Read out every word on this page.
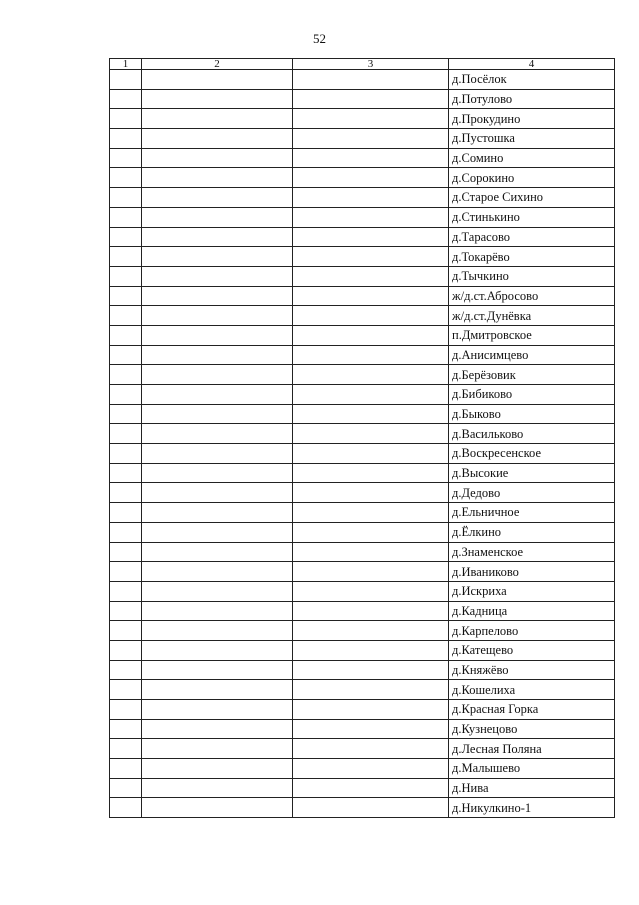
52
1	2	3	4
			д.Посёлок
			д.Потулово
			д.Прокудино
			д.Пустошка
			д.Сомино
			д.Сорокино
			д.Старое Сихино
			д.Стинькино
			д.Тарасово
			д.Токарёво
			д.Тычкино
			ж/д.ст.Абросово
			ж/д.ст.Дунёвка
			п.Дмитровское
			д.Анисимцево
			д.Берёзовик
			д.Бибиково
			д.Быково
			д.Васильково
			д.Воскресенское
			д.Высокие
			д.Дедово
			д.Ельничное
			д.Ёлкино
			д.Знаменское
			д.Иваниково
			д.Искриха
			д.Кадница
			д.Карпелово
			д.Катещево
			д.Княжёво
			д.Кошелиха
			д.Красная Горка
			д.Кузнецово
			д.Лесная Поляна
			д.Малышево
			д.Нива
			д.Никулкино-1
